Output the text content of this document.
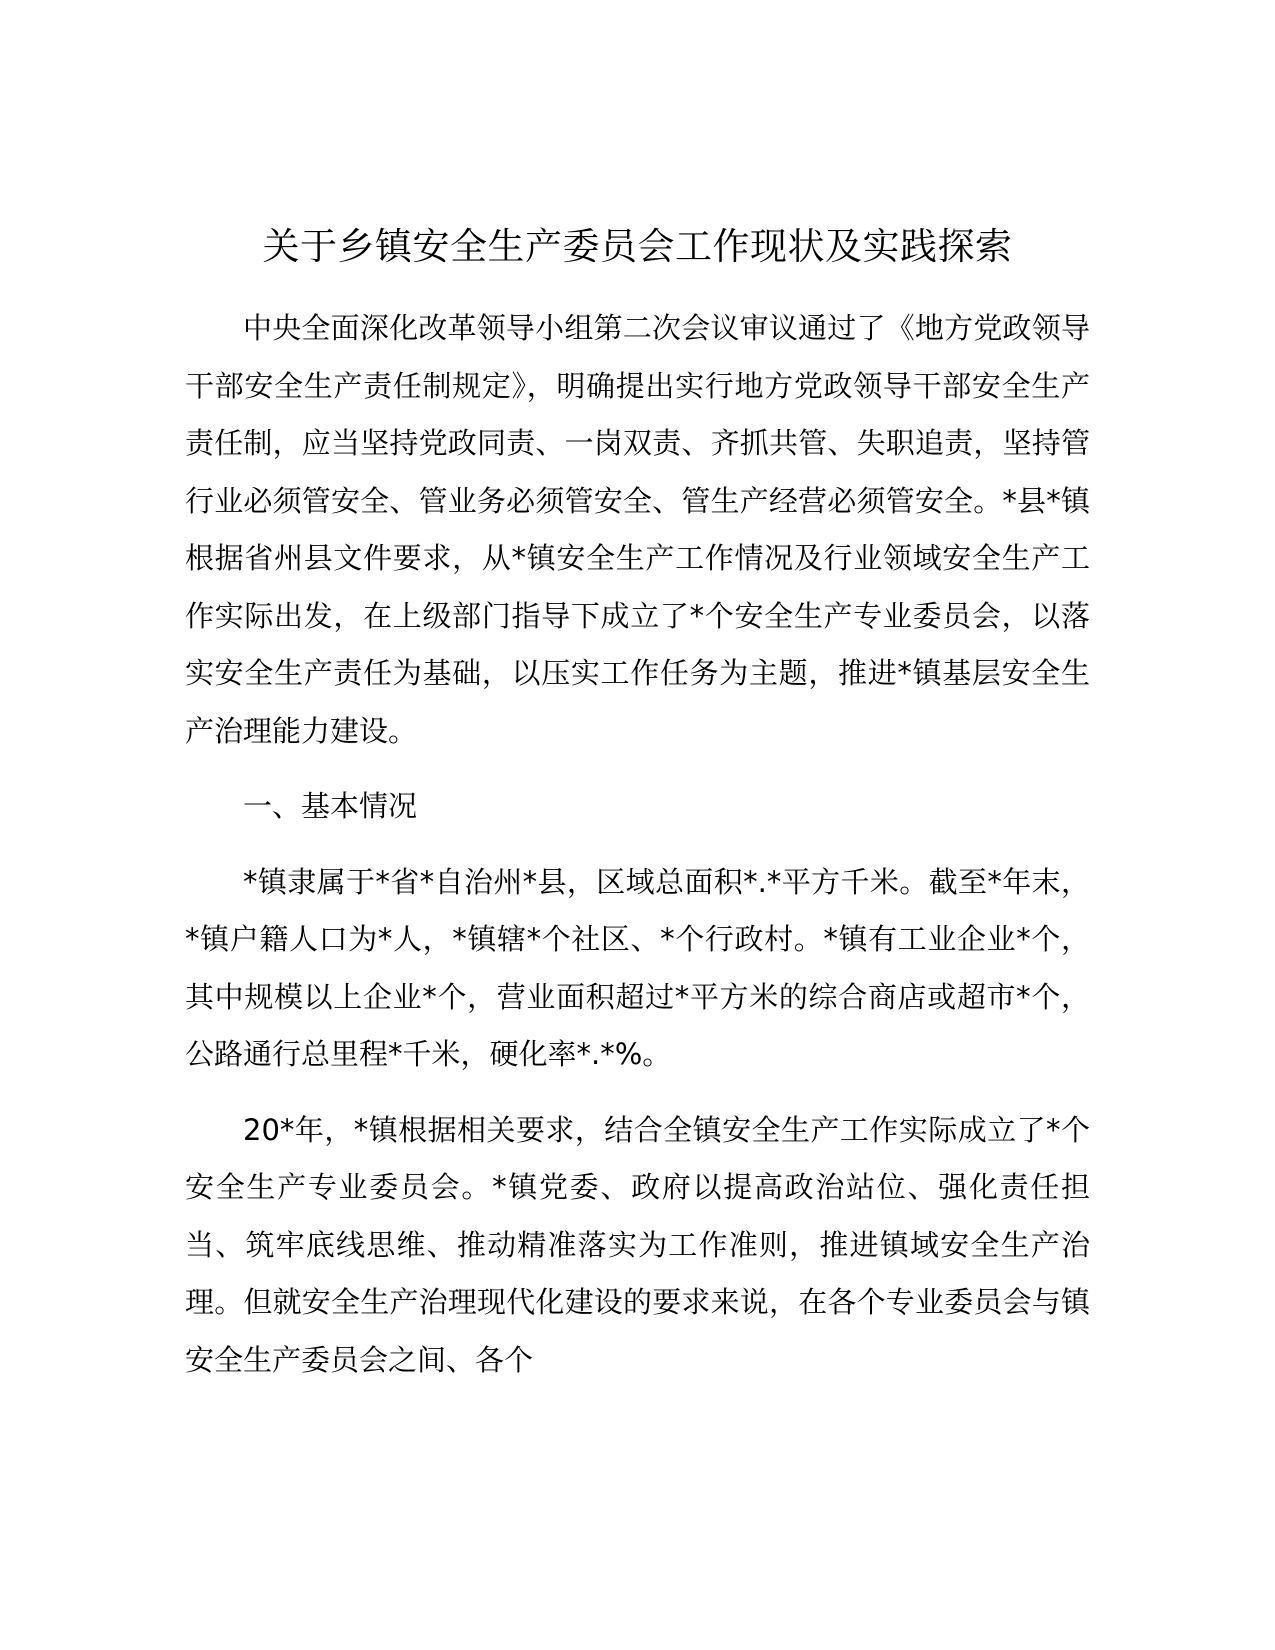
关于乡镇安全生产委员会工作现状及实践探索

中央全面深化改革领导小组第二次会议审议通过了《地方党政领导干部安全生产责任制规定》，明确提出实行地方党政领导干部安全生产责任制，应当坚持党政同责、一岗双责、齐抓共管、失职追责，坚持管行业必须管安全、管业务必须管安全、管生产经营必须管安全。*县*镇根据省州县文件要求，从*镇安全生产工作情况及行业领域安全生产工作实际出发，在上级部门指导下成立了*个安全生产专业委员会，以落实安全生产责任为基础，以压实工作任务为主题，推进*镇基层安全生产治理能力建设。

一、基本情况

*镇隶属于*省*自治州*县，区域总面积*.*平方千米。截至*年末，*镇户籍人口为*人，*镇辖*个社区、*个行政村。*镇有工业企业*个，其中规模以上企业*个，营业面积超过*平方米的综合商店或超市*个，公路通行总里程*千米，硬化率*.*%。

20*年，*镇根据相关要求，结合全镇安全生产工作实际成立了*个安全生产专业委员会。*镇党委、政府以提高政治站位、强化责任担当、筑牢底线思维、推动精准落实为工作准则，推进镇域安全生产治理。但就安全生产治理现代化建设的要求来说，在各个专业委员会与镇安全生产委员会之间、各个
